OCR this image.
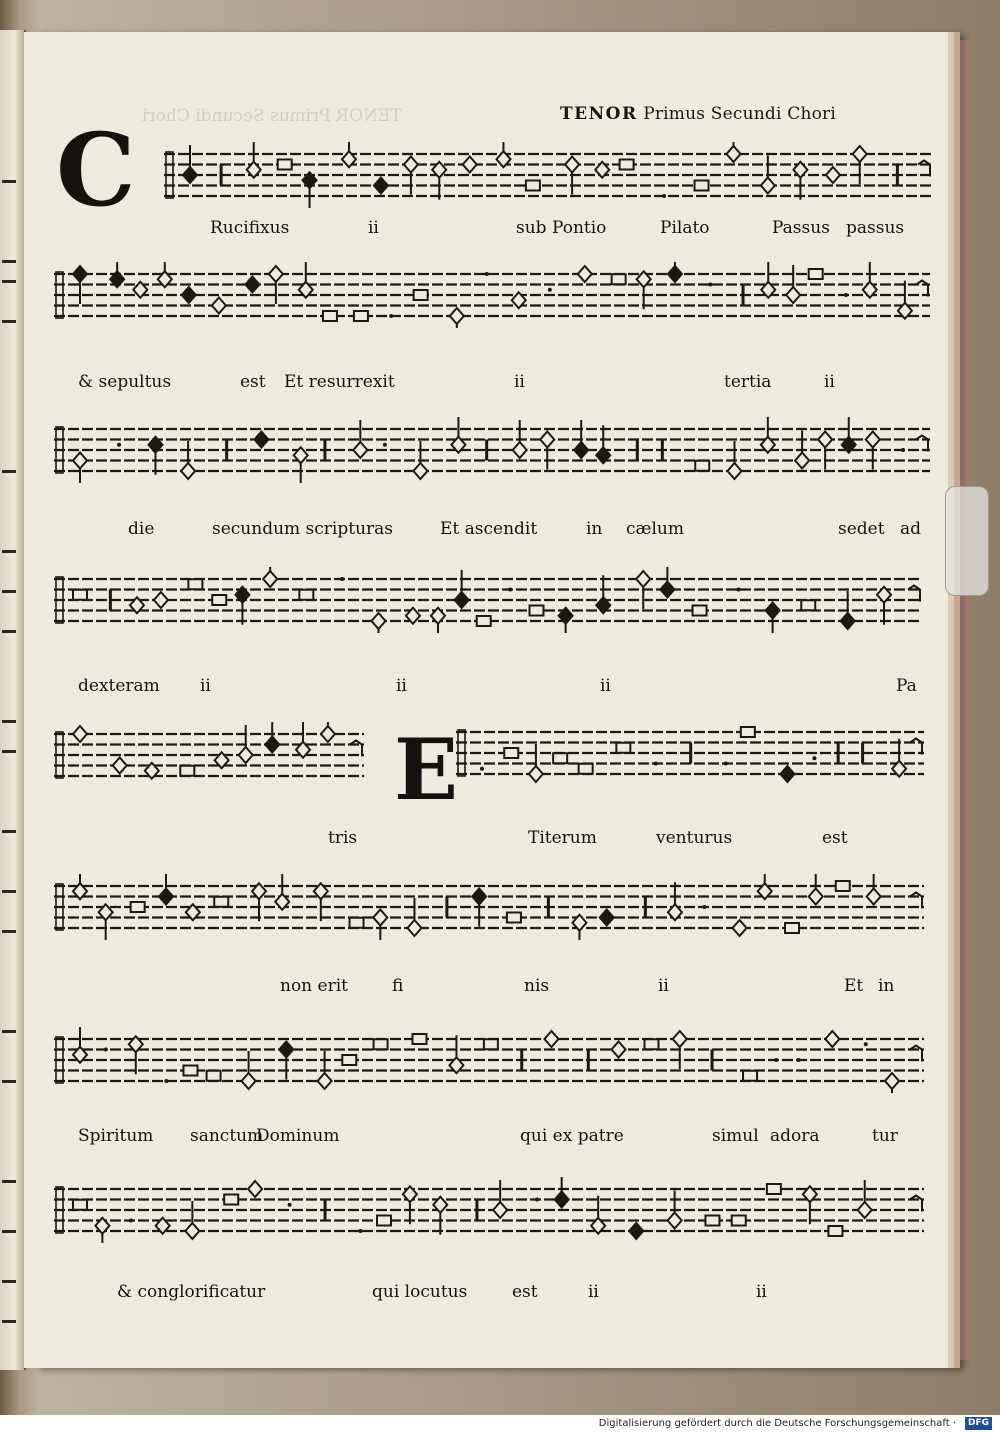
TENOR Primus Secundi Chori	TENOR Primus Secundi Chori
C
E
Rucifixus	ii	sub Pontio	Pilato	Passus passus
& sepultus	est Et resurrexit	ii	tertia	ii
die	secundum scripturas	Et ascendit	in cælum	sedet ad
dexteram ii	ii	ii	Pa
tris	Titerum	venturus	est
non erit	fi	nis	ii	Et in
Spiritum sanctum
Dominum	qui ex patre	simul adora	tur
& conglorificatur	qui locutus	est	ii	ii
Digitalisierung gefördert durch die Deutsche Forschungsgemeinschaft ·	DFG
